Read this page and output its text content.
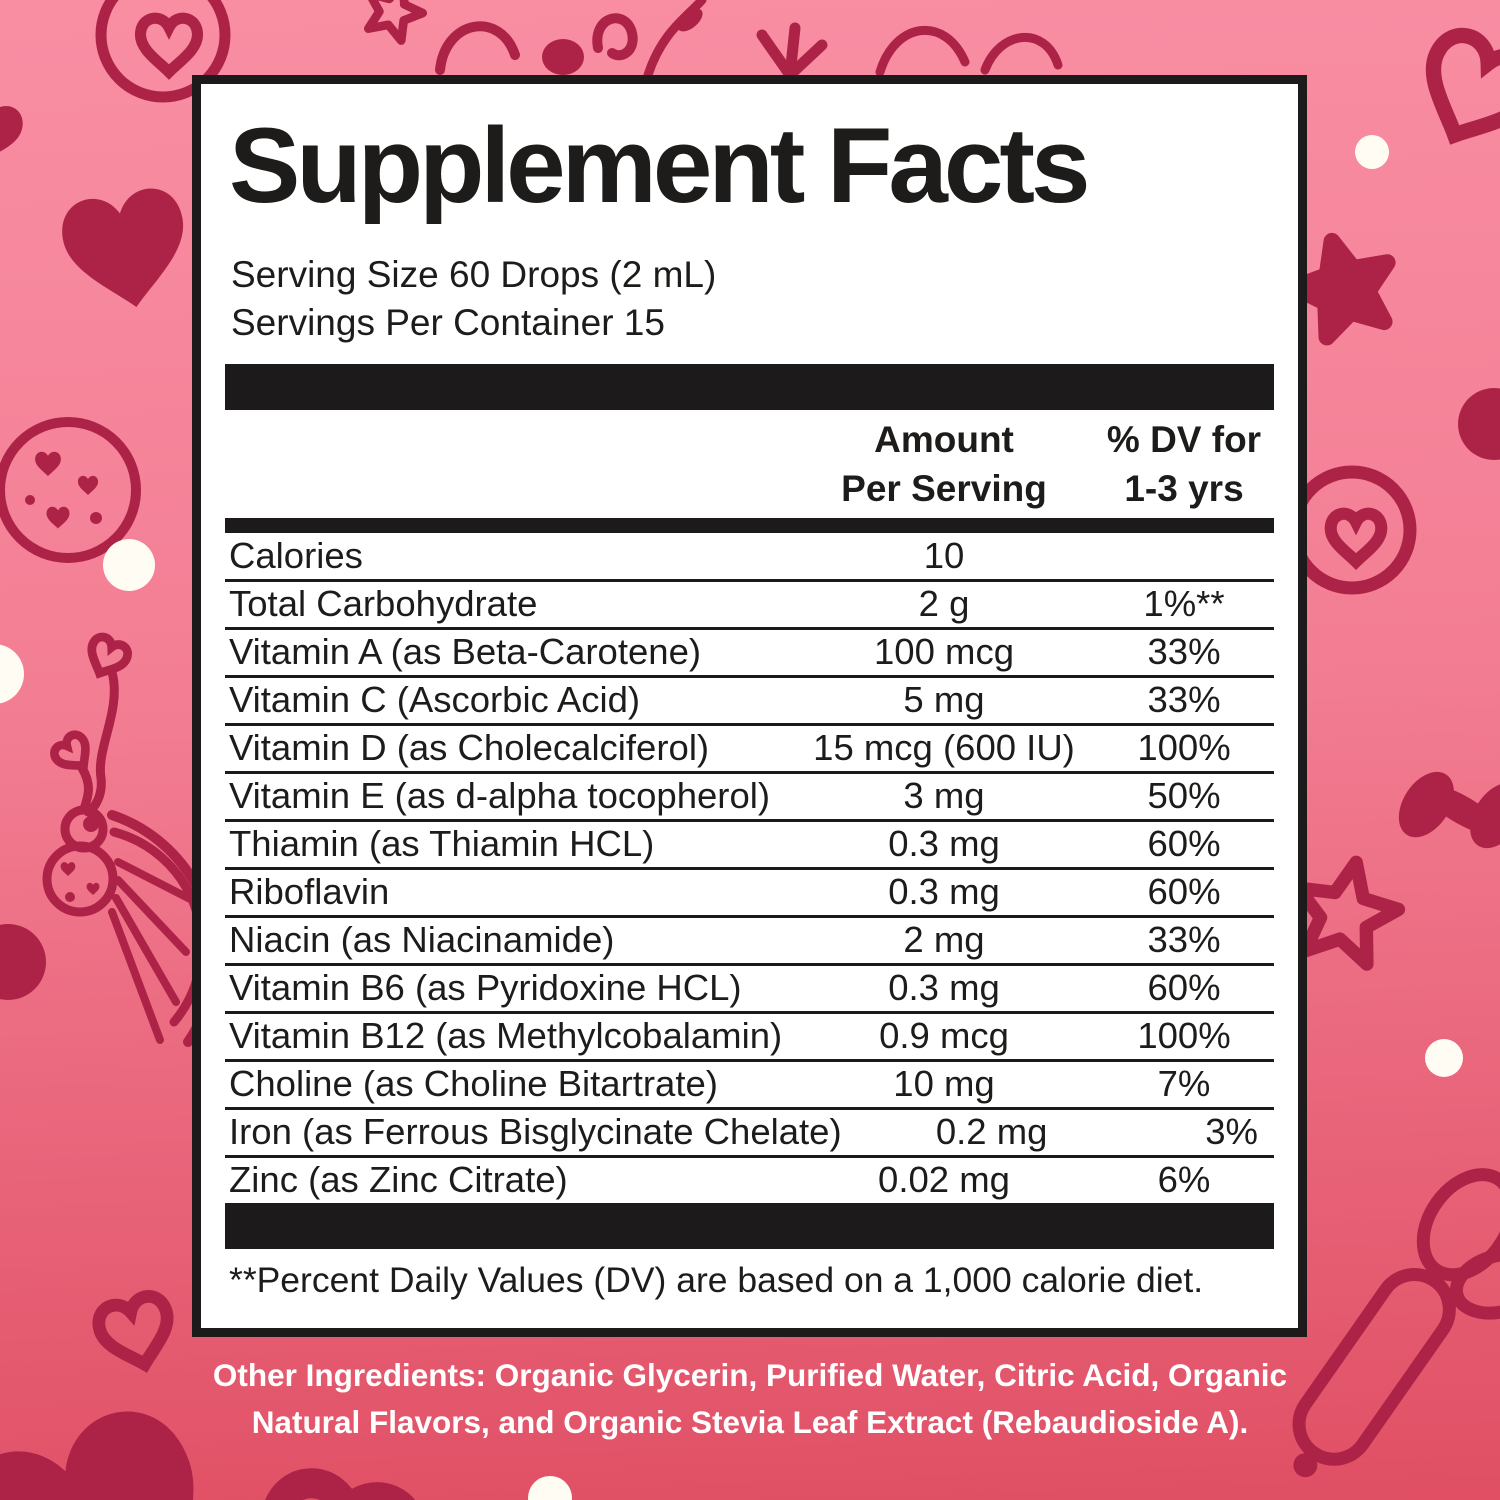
Supplement Facts
Serving Size 60 Drops (2 mL)
Servings Per Container 15
Amount
Per Serving
% DV for
1-3 yrs
Calories	10
Total Carbohydrate	2 g	1%**
Vitamin A (as Beta-Carotene)	100 mcg	33%
Vitamin C (Ascorbic Acid)	5 mg	33%
Vitamin D (as Cholecalciferol)	15 mcg (600 IU)	100%
Vitamin E (as d-alpha tocopherol)	3 mg	50%
Thiamin (as Thiamin HCL)	0.3 mg	60%
Riboflavin	0.3 mg	60%
Niacin (as Niacinamide)	2 mg	33%
Vitamin B6 (as Pyridoxine HCL)	0.3 mg	60%
Vitamin B12 (as Methylcobalamin)	0.9 mcg	100%
Choline (as Choline Bitartrate)	10 mg	7%
Iron (as Ferrous Bisglycinate Chelate)	0.2 mg	3%
Zinc (as Zinc Citrate)	0.02 mg	6%
**Percent Daily Values (DV) are based on a 1,000 calorie diet.
Other Ingredients: Organic Glycerin, Purified Water, Citric Acid, Organic Natural Flavors, and Organic Stevia Leaf Extract (Rebaudioside A).
